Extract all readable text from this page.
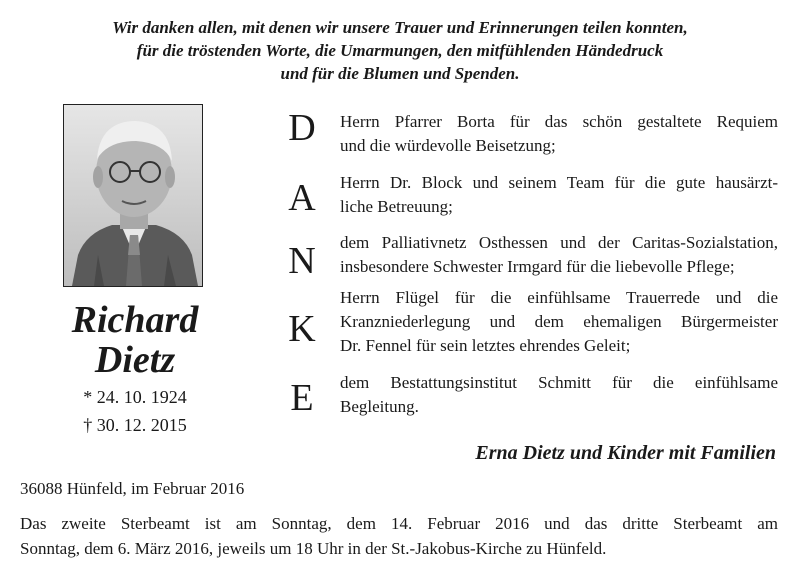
Wir danken allen, mit denen wir unsere Trauer und Erinnerungen teilen konnten,
für die tröstenden Worte, die Umarmungen, den mitfühlenden Händedruck
und für die Blumen und Spenden.
Richard
Dietz
* 24. 10. 1924
† 30. 12. 2015
D
A
N
K
E
Herrn Pfarrer Borta für das schön gestaltete Requiem
und die würdevolle Beisetzung;
Herrn Dr. Block und seinem Team für die gute hausärzt-
liche Betreuung;
dem Palliativnetz Osthessen und der Caritas-Sozialstation,
insbesondere Schwester Irmgard für die liebevolle Pflege;
Herrn Flügel für die einfühlsame Trauerrede und die
Kranzniederlegung und dem ehemaligen Bürgermeister
Dr. Fennel für sein letztes ehrendes Geleit;
dem Bestattungsinstitut Schmitt für die einfühlsame
Begleitung.
Erna Dietz und Kinder mit Familien
36088 Hünfeld, im Februar 2016
Das zweite Sterbeamt ist am Sonntag, dem 14. Februar 2016 und das dritte Sterbeamt am
Sonntag, dem 6. März 2016, jeweils um 18 Uhr in der St.-Jakobus-Kirche zu Hünfeld.
